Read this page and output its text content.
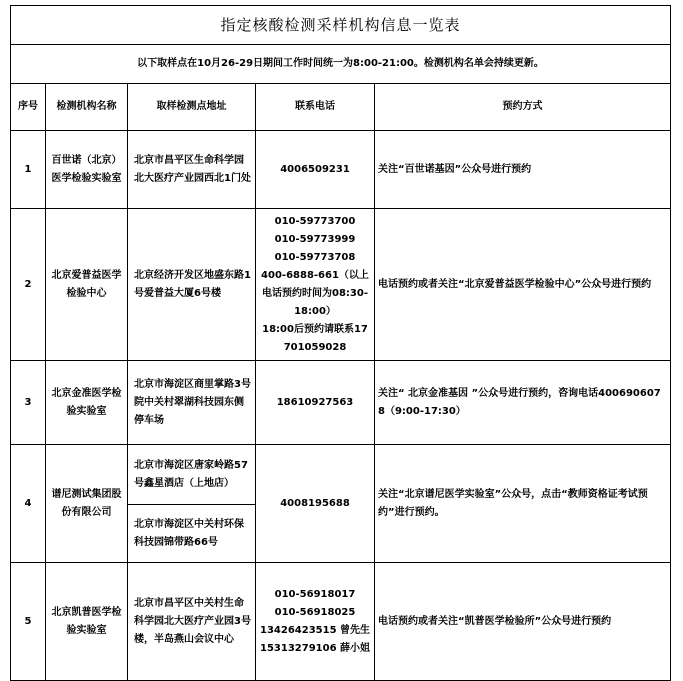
指定核酸检测采样机构信息一览表				
以下取样点在10月26-29日期间工作时间统一为8:00-21:00。检测机构名单会持续更新。				
序号	检测机构名称	取样检测点地址	联系电话	预约方式
1	百世诺（北京）医学检验实验室	北京市昌平区生命科学园北大医疗产业园西北1门处	4006509231	关注“百世诺基因”公众号进行预约
2	北京爱普益医学检验中心	北京经济开发区地盛东路1号爱普益大厦6号楼	010-59773700
010-59773999
010-59773708
400-6888-661（以上电话预约时间为08:30-18:00）
18:00后预约请联系17701059028	电话预约或者关注“北京爱普益医学检验中心”公众号进行预约
3	北京金准医学检验实验室	北京市海淀区商里掌路3号院中关村翠湖科技园东侧停车场	18610927563	关注“ 北京金准基因 ”公众号进行预约，咨询电话4006906078（9:00-17:30）
4	谱尼测试集团股份有限公司	北京市海淀区唐家岭路57号鑫星酒店（上地店）	4008195688	关注“北京谱尼医学实验室”公众号，点击“教师资格证考试预约”进行预约。
		北京市海淀区中关村环保科技园锦带路66号		
5	北京凯普医学检验实验室	北京市昌平区中关村生命科学园北大医疗产业园3号楼，半岛燕山会议中心	010-56918017
010-56918025
13426423515 曾先生
15313279106 薛小姐	电话预约或者关注“凯普医学检验所”公众号进行预约
